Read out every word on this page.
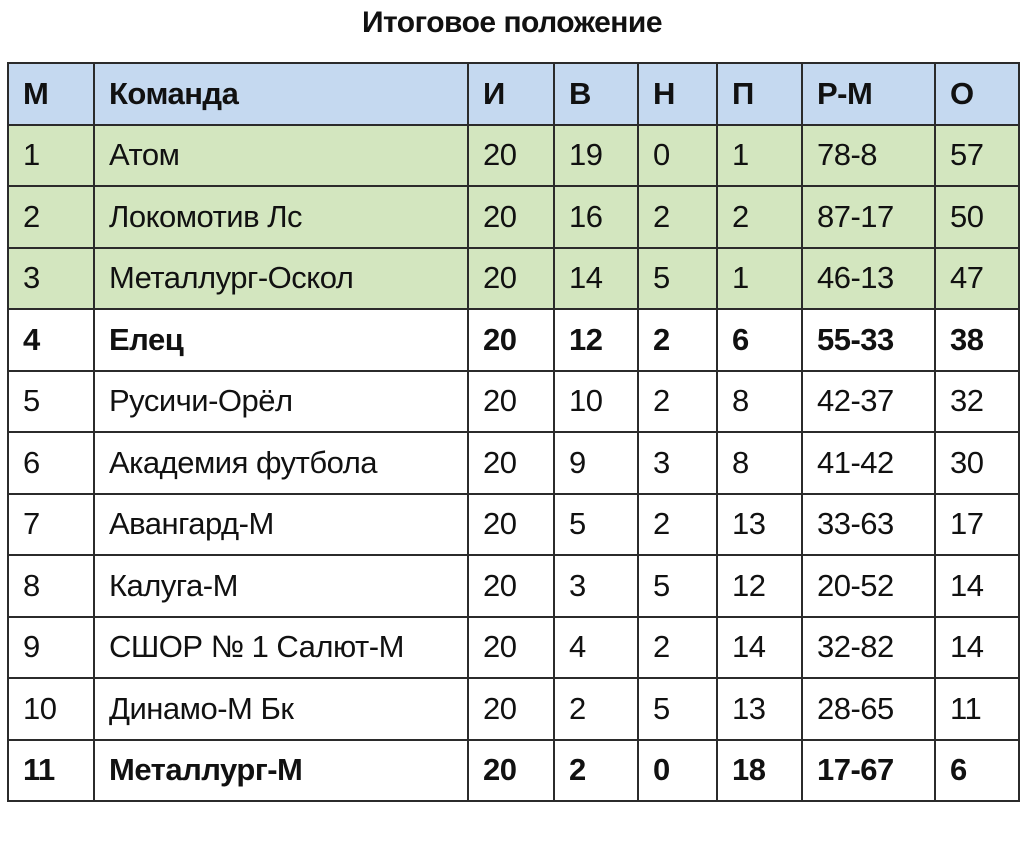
Итоговое положение
М	Команда	И	В	Н	П	Р-М	О
1	Атом	20	19	0	1	78-8	57
2	Локомотив Лс	20	16	2	2	87-17	50
3	Металлург-Оскол	20	14	5	1	46-13	47
4	Елец	20	12	2	6	55-33	38
5	Русичи-Орёл	20	10	2	8	42-37	32
6	Академия футбола	20	9	3	8	41-42	30
7	Авангард-М	20	5	2	13	33-63	17
8	Калуга-М	20	3	5	12	20-52	14
9	СШОР № 1 Салют-М	20	4	2	14	32-82	14
10	Динамо-М Бк	20	2	5	13	28-65	11
11	Металлург-М	20	2	0	18	17-67	6
